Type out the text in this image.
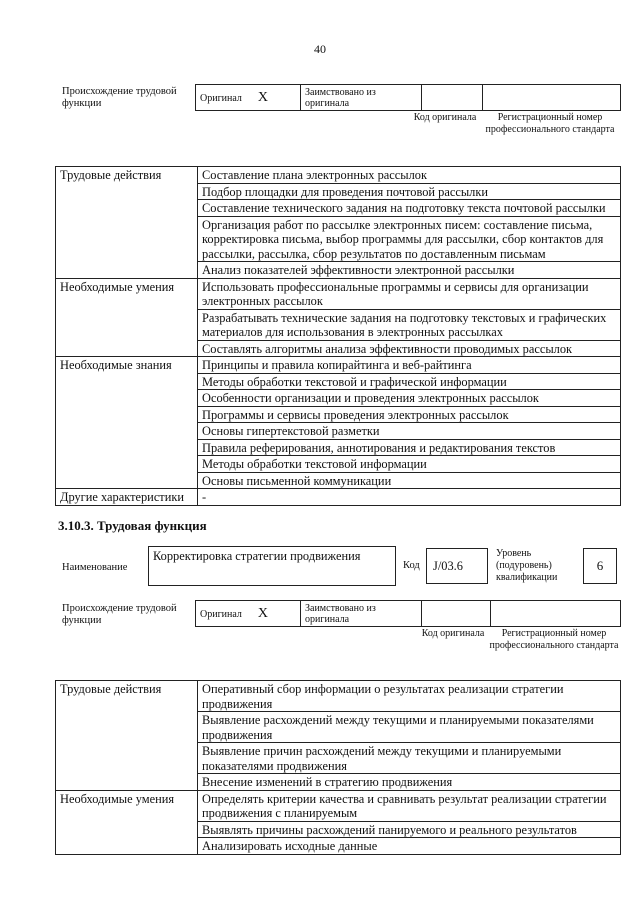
40
Происхождение трудовой функции	Оригинал X	Заимствовано из оригинала		
Код оригинала	Регистрационный номер профессионального стандарта
Трудовые действия	Составление плана электронных рассылок
	Подбор площадки для проведения почтовой рассылки
	Составление технического задания на подготовку текста почтовой рассылки
	Организация работ по рассылке электронных писем: составление письма, корректировка письма, выбор программы для рассылки, сбор контактов для рассылки, рассылка, сбор результатов по доставленным письмам
	Анализ показателей эффективности электронной рассылки
Необходимые умения	Использовать профессиональные программы и сервисы для организации электронных рассылок
	Разрабатывать технические задания на подготовку текстовых и графических материалов для использования в электронных рассылках
	Составлять алгоритмы анализа эффективности проводимых рассылок
Необходимые знания	Принципы и правила копирайтинга и веб-райтинга
	Методы обработки текстовой и графической информации
	Особенности организации и проведения электронных рассылок
	Программы и сервисы проведения электронных рассылок
	Основы гипертекстовой разметки
	Правила реферирования, аннотирования и редактирования текстов
	Методы обработки текстовой информации
	Основы письменной коммуникации
Другие характеристики	-
3.10.3. Трудовая функция
Наименование
Корректировка стратегии продвижения
Код	J/03.6
Уровень (подуровень) квалификации
6
Происхождение трудовой функции
Оригинал X	Заимствовано из оригинала		
Код оригинала	Регистрационный номер профессионального стандарта
Трудовые действия	Оперативный сбор информации о результатах реализации стратегии продвижения
	Выявление расхождений между текущими и планируемыми показателями продвижения
	Выявление причин расхождений между текущими и планируемыми показателями продвижения
	Внесение изменений в стратегию продвижения
Необходимые умения	Определять критерии качества и сравнивать результат реализации стратегии продвижения с планируемым
	Выявлять причины расхождений панируемого и реального результатов
	Анализировать исходные данные
